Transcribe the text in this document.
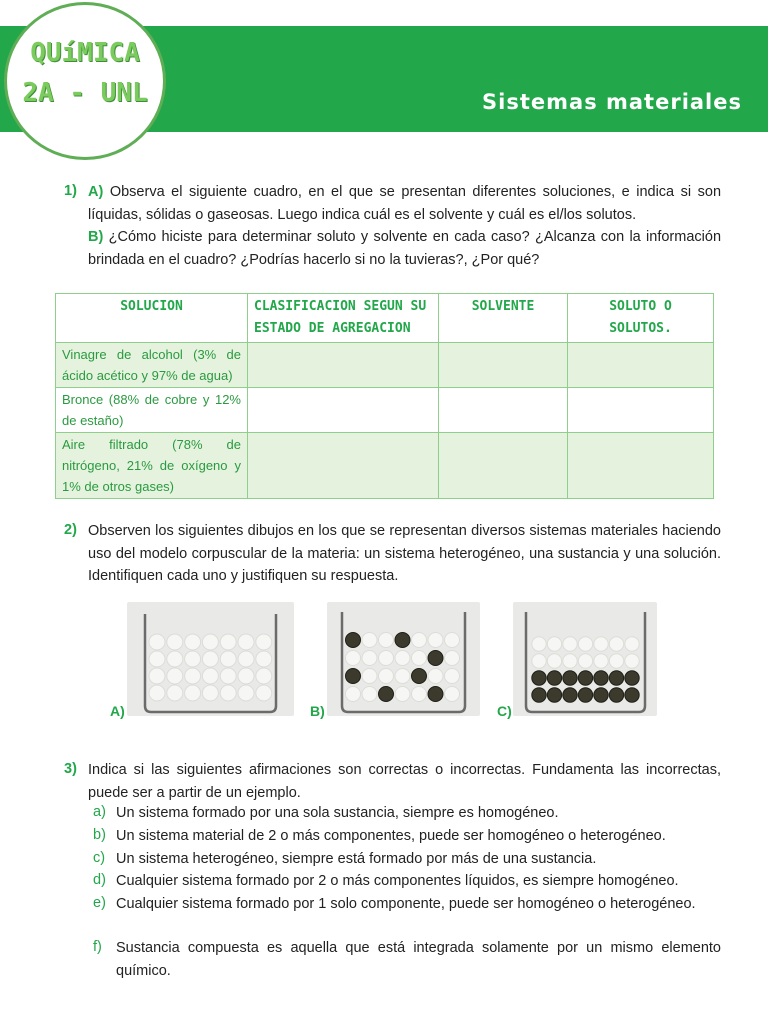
Sistemas materiales
QUíMICA
2A - UNL
1) A) Observa el siguiente cuadro, en el que se presentan diferentes soluciones, e indica si son líquidas, sólidas o gaseosas. Luego indica cuál es el solvente y cuál es el/los solutos.
B) ¿Cómo hiciste para determinar soluto y solvente en cada caso? ¿Alcanza con la información brindada en el cuadro? ¿Podrías hacerlo si no la tuvieras?, ¿Por qué?
SOLUCION	CLASIFICACION SEGUN SU ESTADO DE AGREGACION	SOLVENTE	SOLUTO O SOLUTOS.
Vinagre de alcohol (3% de ácido acético y 97% de agua)			
Bronce (88% de cobre y 12% de estaño)			
Aire filtrado (78% de nitrógeno, 21% de oxígeno y 1% de otros gases)			
2) Observen los siguientes dibujos en los que se representan diversos sistemas materiales haciendo uso del modelo corpuscular de la materia: un sistema heterogéneo, una sustancia y una solución. Identifiquen cada uno y justifiquen su respuesta.
A)	B)	C)
3) Indica si las siguientes afirmaciones son correctas o incorrectas. Fundamenta las incorrectas, puede ser a partir de un ejemplo.
a) Un sistema formado por una sola sustancia, siempre es homogéneo.
b) Un sistema material de 2 o más componentes, puede ser homogéneo o heterogéneo.
c) Un sistema heterogéneo, siempre está formado por más de una sustancia.
d) Cualquier sistema formado por 2 o más componentes líquidos, es siempre homogéneo.
e) Cualquier sistema formado por 1 solo componente, puede ser homogéneo o heterogéneo.
f) Sustancia compuesta es aquella que está integrada solamente por un mismo elemento químico.
